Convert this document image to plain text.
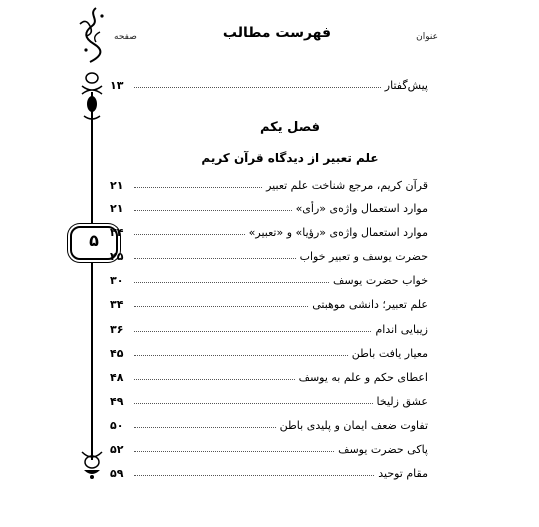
۵
عنوان
فهرست مطالب
صفحه
۱۳	پیش‌گفتار
فصل یکم
علم تعبیر از دیدگاه قرآن کریم
۲۱	قرآن کریم، مرجع شناخت علم تعبیر
۲۱	موارد استعمال واژه‌ی «رأی»
۲۴	موارد استعمال واژه‌ی «رؤیا» و «تعبیر»
۲۵	حضرت یوسف و تعبیر خواب
۳۰	خواب حضرت یوسف
۳۴	علم تعبیر؛ دانشی موهبتی
۳۶	زیبایی اندام
۴۵	معیار یافت باطن
۴۸	اعطای حکم و علم به یوسف
۴۹	عشق زلیخا
۵۰	تفاوت ضعف ایمان و پلیدی باطن
۵۲	پاکی حضرت یوسف
۵۹	مقام توحید
